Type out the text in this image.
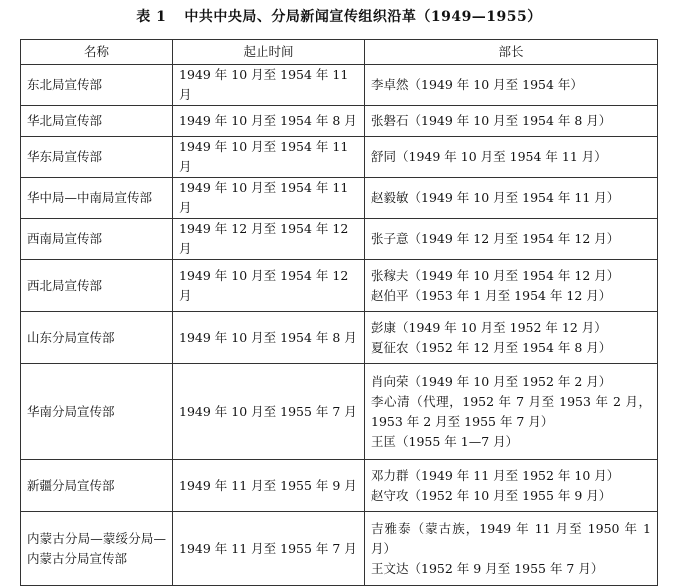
表 1 中共中央局、分局新闻宣传组织沿革（1949—1955）
名称	起止时间	部长
东北局宣传部	1949 年 10 月至 1954 年 11 月	李卓然（1949 年 10 月至 1954 年）

华北局宣传部	1949 年 10 月至 1954 年 8 月	张磐石（1949 年 10 月至 1954 年 8 月）

华东局宣传部	1949 年 10 月至 1954 年 11 月	舒同（1949 年 10 月至 1954 年 11 月）

华中局—中南局宣传部	1949 年 10 月至 1954 年 11 月	赵毅敏（1949 年 10 月至 1954 年 11 月）

西南局宣传部	1949 年 12 月至 1954 年 12 月	张子意（1949 年 12 月至 1954 年 12 月）

西北局宣传部	1949 年 10 月至 1954 年 12 月	张稼夫（1949 年 10 月至 1954 年 12 月）
赵伯平（1953 年 1 月至 1954 年 12 月）

山东分局宣传部	1949 年 10 月至 1954 年 8 月	彭康（1949 年 10 月至 1952 年 12 月）
夏征农（1952 年 12 月至 1954 年 8 月）

华南分局宣传部	1949 年 10 月至 1955 年 7 月	肖向荣（1949 年 10 月至 1952 年 2 月）
李心清（代理，1952 年 7 月至 1953 年 2 月，1953 年 2 月至 1955 年 7 月）
王匡（1955 年 1—7 月）

新疆分局宣传部	1949 年 11 月至 1955 年 9 月	邓力群（1949 年 11 月至 1952 年 10 月）
赵守攻（1952 年 10 月至 1955 年 9 月）

内蒙古分局—蒙绥分局—内蒙古分局宣传部	1949 年 11 月至 1955 年 7 月	吉雅泰（蒙古族，1949 年 11 月至 1950 年 1 月）
王文达（1952 年 9 月至 1955 年 7 月）
